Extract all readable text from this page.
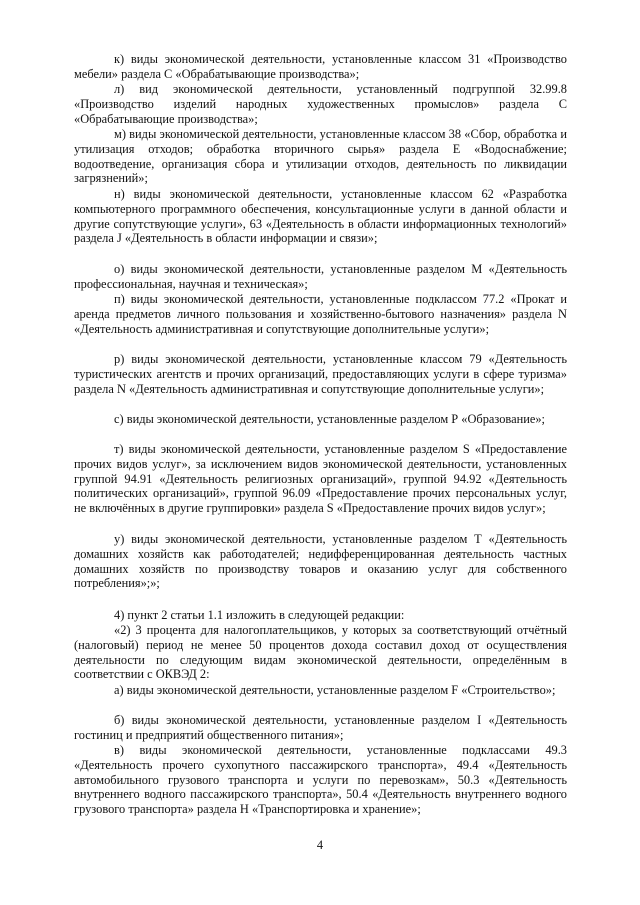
к) виды экономической деятельности, установленные классом 31 «Производство мебели» раздела С «Обрабатывающие производства»;

л) вид экономической деятельности, установленный подгруппой 32.99.8 «Производство изделий народных художественных промыслов» раздела С «Обрабатывающие производства»;

м) виды экономической деятельности, установленные классом 38 «Сбор, обработка и утилизация отходов; обработка вторичного сырья» раздела Е «Водоснабжение; водоотведение, организация сбора и утилизации отходов, деятельность по ликвидации загрязнений»;

н) виды экономической деятельности, установленные классом 62 «Разработка компьютерного программного обеспечения, консультационные услуги в данной области и другие сопутствующие услуги», 63 «Деятельность в области информационных технологий» раздела J «Деятельность в области информации и связи»;

о) виды экономической деятельности, установленные разделом М «Деятельность профессиональная, научная и техническая»;

п) виды экономической деятельности, установленные подклассом 77.2 «Прокат и аренда предметов личного пользования и хозяйственно-бытового назначения» раздела N «Деятельность административная и сопутствующие дополнительные услуги»;

р) виды экономической деятельности, установленные классом 79 «Деятельность туристических агентств и прочих организаций, предоставляющих услуги в сфере туризма» раздела N «Деятельность административная и сопутствующие дополнительные услуги»;

с) виды экономической деятельности, установленные разделом Р «Образование»;

т) виды экономической деятельности, установленные разделом S «Предоставление прочих видов услуг», за исключением видов экономической деятельности, установленных группой 94.91 «Деятельность религиозных организаций», группой 94.92 «Деятельность политических организаций», группой 96.09 «Предоставление прочих персональных услуг, не включённых в другие группировки» раздела S «Предоставление прочих видов услуг»;

у) виды экономической деятельности, установленные разделом Т «Деятельность домашних хозяйств как работодателей; недифференцированная деятельность частных домашних хозяйств по производству товаров и оказанию услуг для собственного потребления»;»;

4) пункт 2 статьи 1.1 изложить в следующей редакции:

«2) 3 процента для налогоплательщиков, у которых за соответствующий отчётный (налоговый) период не менее 50 процентов дохода составил доход от осуществления деятельности по следующим видам экономической деятельности, определённым в соответствии с ОКВЭД 2:

а) виды экономической деятельности, установленные разделом F «Строительство»;

б) виды экономической деятельности, установленные разделом I «Деятельность гостиниц и предприятий общественного питания»;

в) виды экономической деятельности, установленные подклассами 49.3 «Деятельность прочего сухопутного пассажирского транспорта», 49.4 «Деятельность автомобильного грузового транспорта и услуги по перевозкам», 50.3 «Деятельность внутреннего водного пассажирского транспорта», 50.4 «Деятельность внутреннего водного грузового транспорта» раздела Н «Транспортировка и хранение»;

4
